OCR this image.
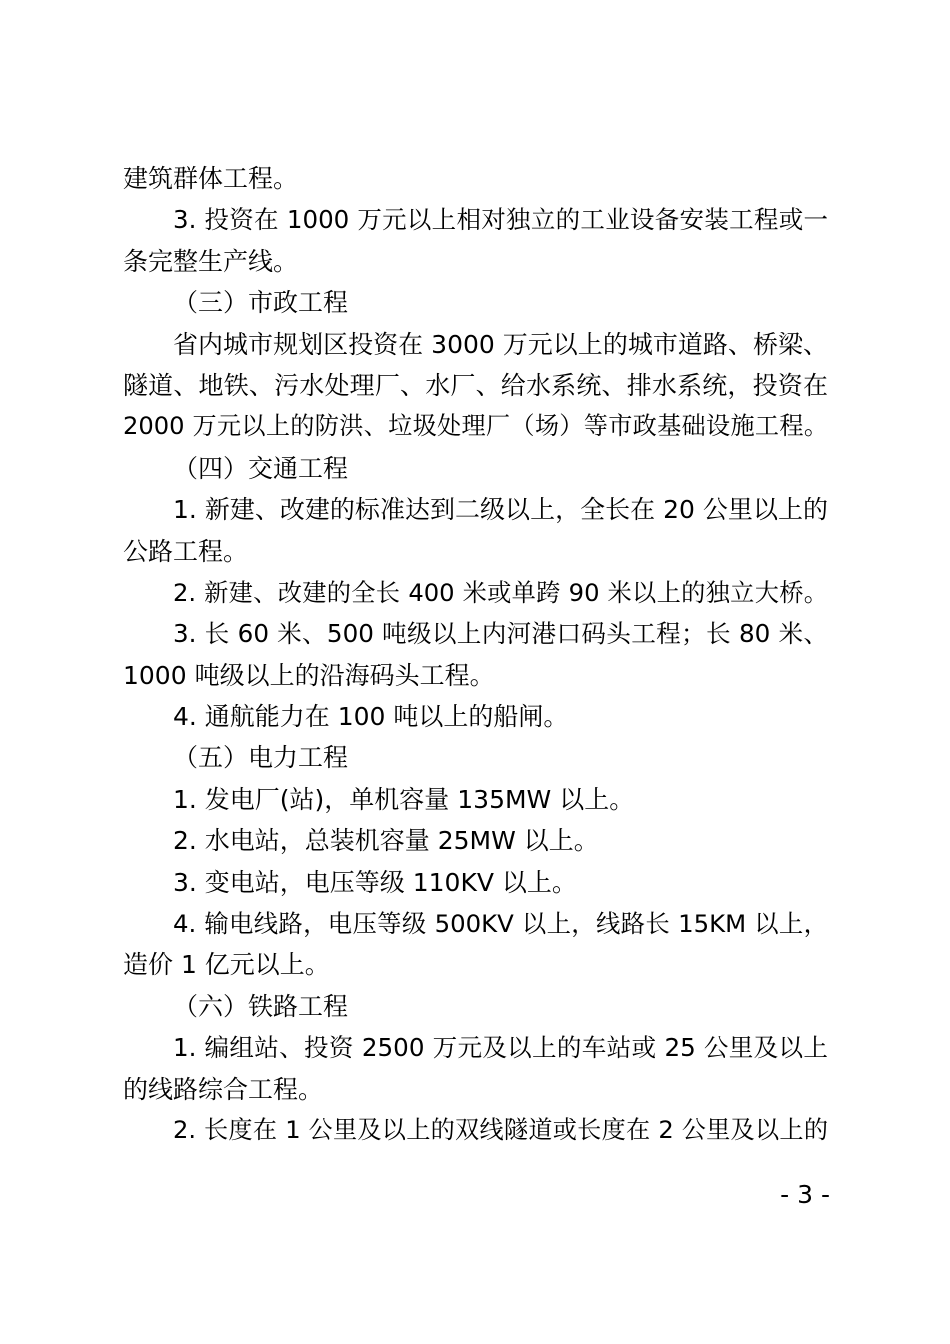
建筑群体工程。
3. 投资在 1000 万元以上相对独立的工业设备安装工程或一
条完整生产线。
（三）市政工程
省内城市规划区投资在 3000 万元以上的城市道路、桥梁、
隧道、地铁、污水处理厂、水厂、给水系统、排水系统，投资在
2000 万元以上的防洪、垃圾处理厂（场）等市政基础设施工程。
（四）交通工程
1. 新建、改建的标准达到二级以上，全长在 20 公里以上的
公路工程。
2. 新建、改建的全长 400 米或单跨 90 米以上的独立大桥。
3. 长 60 米、500 吨级以上内河港口码头工程；长 80 米、
1000 吨级以上的沿海码头工程。
4. 通航能力在 100 吨以上的船闸。
（五）电力工程
1. 发电厂(站)，单机容量 135MW 以上。
2. 水电站，总装机容量 25MW 以上。
3. 变电站，电压等级 110KV 以上。
4. 输电线路，电压等级 500KV 以上，线路长 15KM 以上，
造价 1 亿元以上。
（六）铁路工程
1. 编组站、投资 2500 万元及以上的车站或 25 公里及以上
的线路综合工程。
2. 长度在 1 公里及以上的双线隧道或长度在 2 公里及以上的
- 3 -
